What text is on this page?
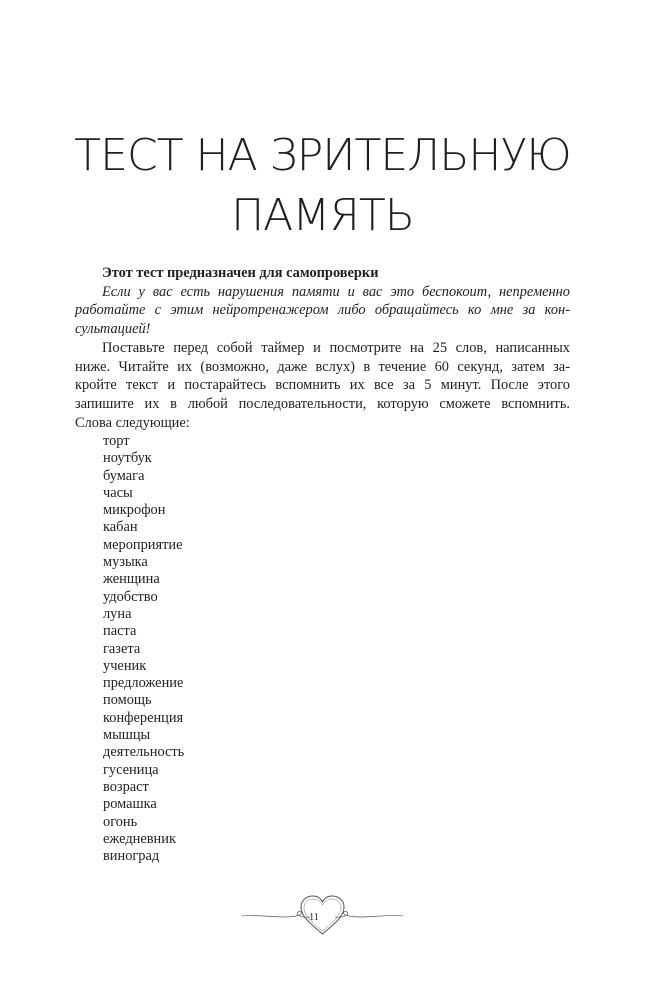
ТЕСТ НА ЗРИТЕЛЬНУЮ
ПАМЯТЬ

Этот тест предназначен для самопроверки

Если у вас есть нарушения памяти и вас это беспокоит, непременно
работайте с этим нейротренажером либо обращайтесь ко мне за кон-
сультацией!

Поставьте перед собой таймер и посмотрите на 25 слов, написанных
ниже. Читайте их (возможно, даже вслух) в течение 60 секунд, затем за-
кройте текст и постарайтесь вспомнить их все за 5 минут. После этого
запишите их в любой последовательности, которую сможете вспомнить.
Слова следующие:

торт
ноутбук
бумага
часы
микрофон
кабан
мероприятие
музыка
женщина
удобство
луна
паста
газета
ученик
предложение
помощь
конференция
мышцы
деятельность
гусеница
возраст
ромашка
огонь
ежедневник
виноград
11
